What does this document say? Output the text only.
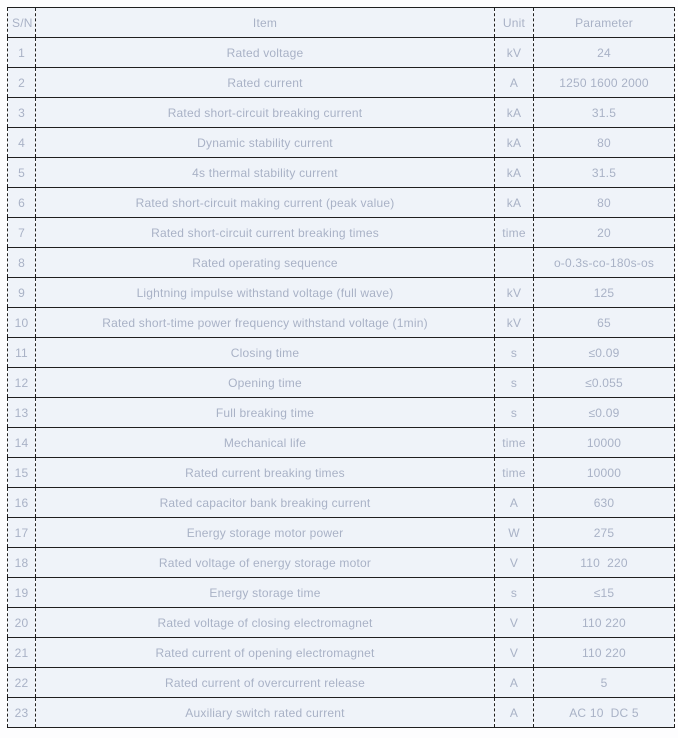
S/N	Item	Unit	Parameter
1	Rated voltage	kV	24
2	Rated current	A	1250 1600 2000
3	Rated short-circuit breaking current	kA	31.5
4	Dynamic stability current	kA	80
5	4s thermal stability current	kA	31.5
6	Rated short-circuit making current (peak value)	kA	80
7	Rated short-circuit current breaking times	time	20
8	Rated operating sequence		o-0.3s-co-180s-os
9	Lightning impulse withstand voltage (full wave)	kV	125
10	Rated short-time power frequency withstand voltage (1min)	kV	65
11	Closing time	s	≤0.09
12	Opening time	s	≤0.055
13	Full breaking time	s	≤0.09
14	Mechanical life	time	10000
15	Rated current breaking times	time	10000
16	Rated capacitor bank breaking current	A	630
17	Energy storage motor power	W	275
18	Rated voltage of energy storage motor	V	110  220
19	Energy storage time	s	≤15
20	Rated voltage of closing electromagnet	V	110 220
21	Rated current of opening electromagnet	V	110 220
22	Rated current of overcurrent release	A	5
23	Auxiliary switch rated current	A	AC 10  DC 5
